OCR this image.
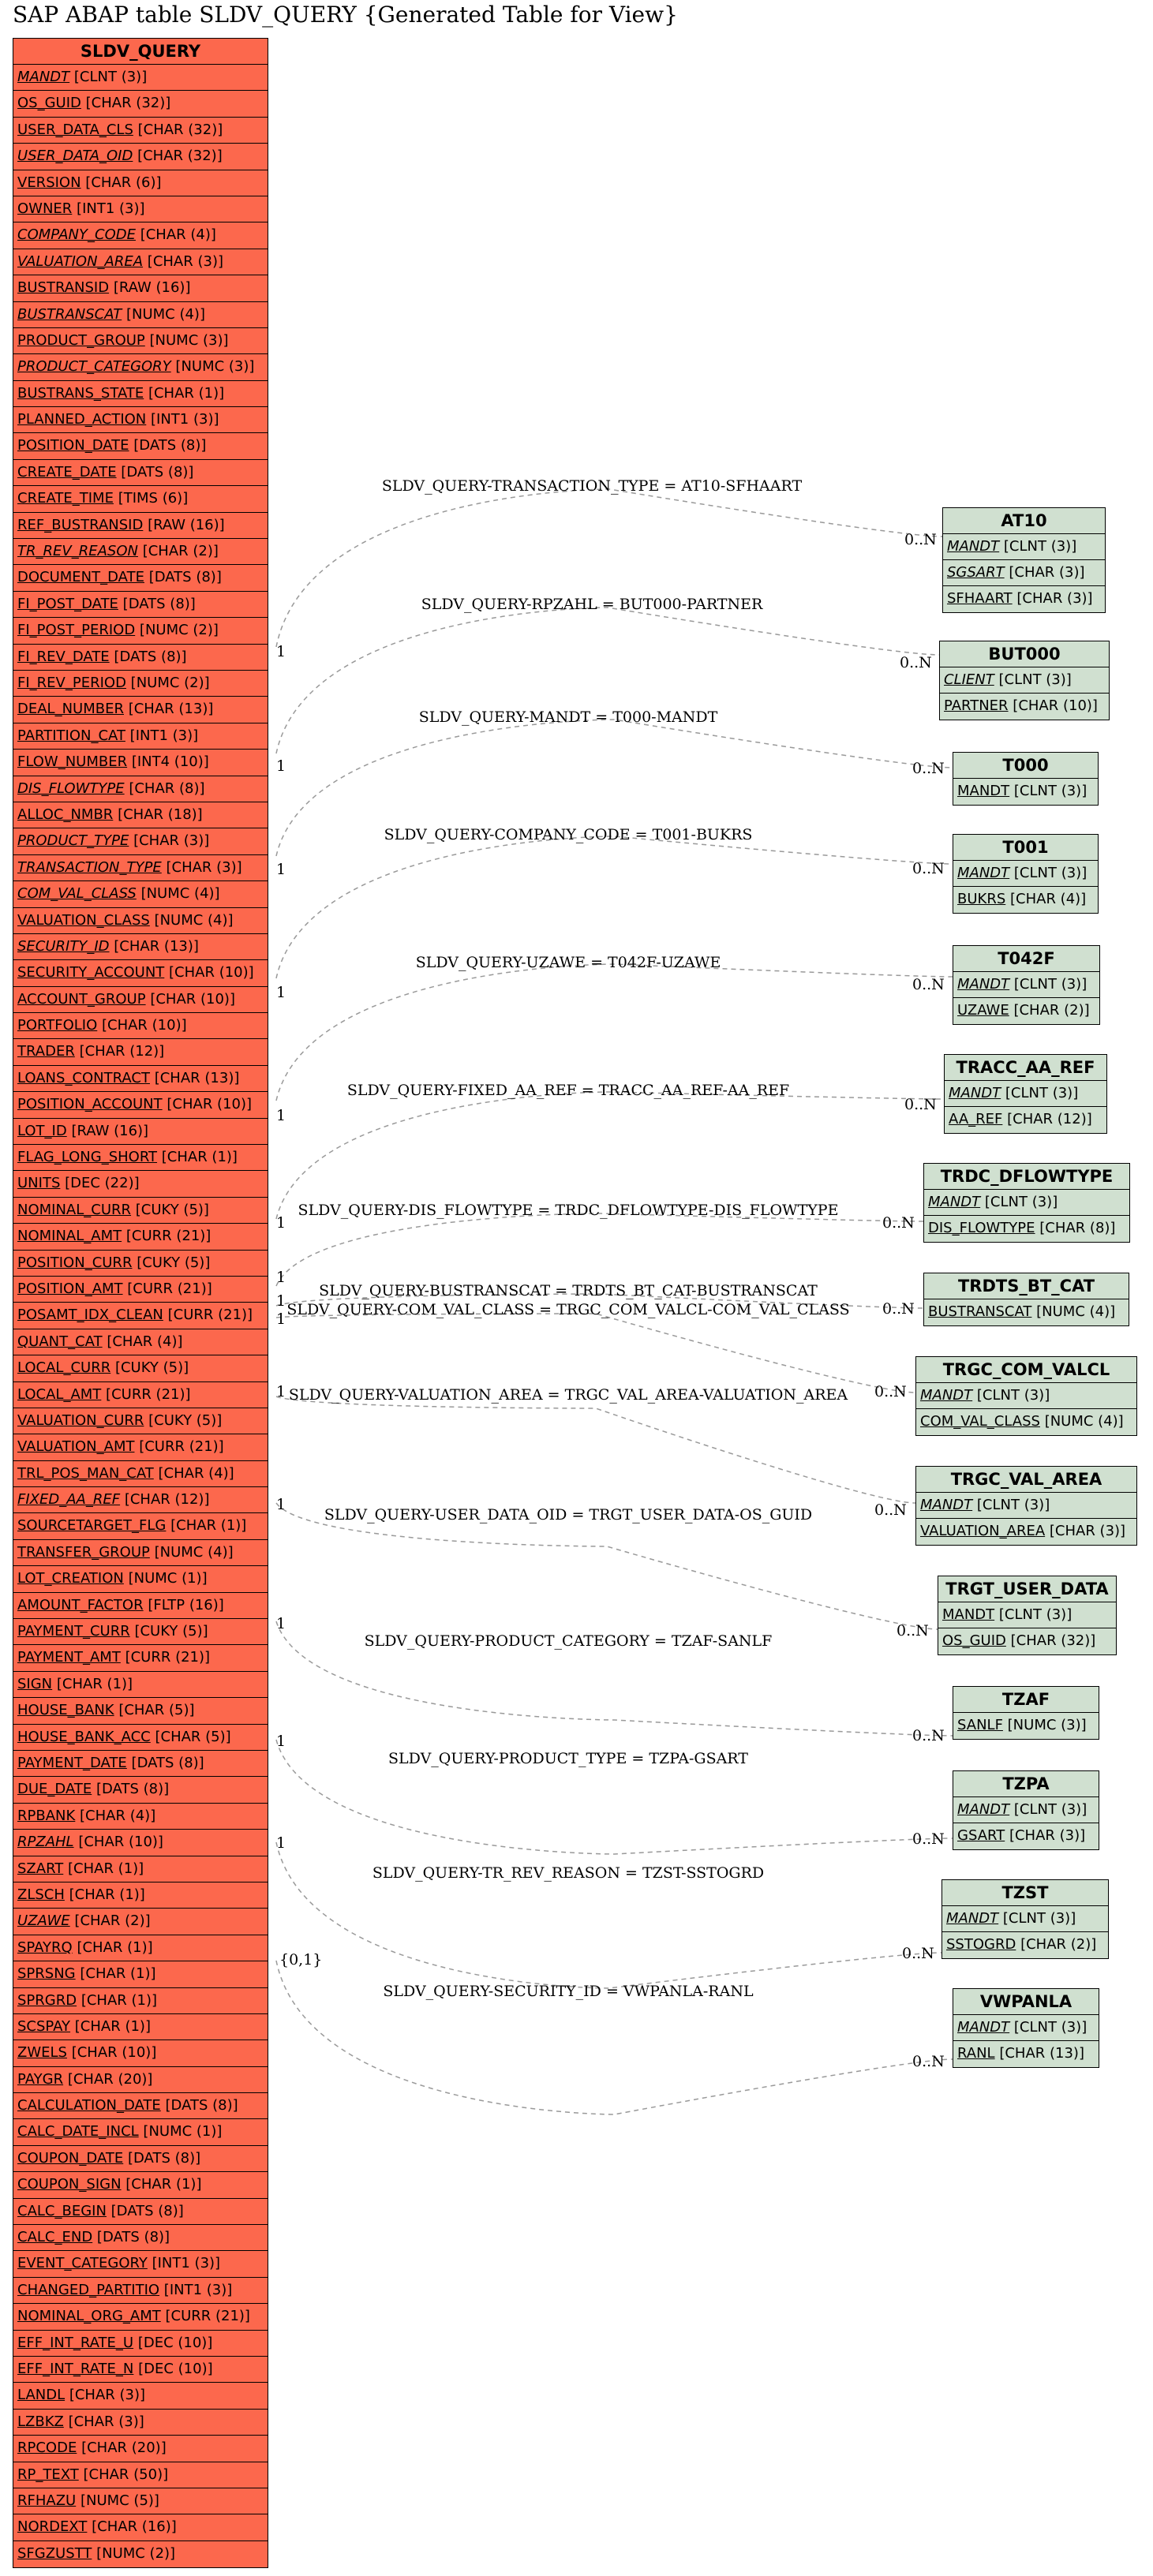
SAP ABAP table SLDV_QUERY {Generated Table for View}
SLDV_QUERY-TRANSACTION_TYPE = AT10-SFHAART
1
0..N
SLDV_QUERY-RPZAHL = BUT000-PARTNER
1
0..N
SLDV_QUERY-MANDT = T000-MANDT
1
0..N
SLDV_QUERY-COMPANY_CODE = T001-BUKRS
1
0..N
SLDV_QUERY-UZAWE = T042F-UZAWE
1
0..N
SLDV_QUERY-FIXED_AA_REF = TRACC_AA_REF-AA_REF
1
0..N
SLDV_QUERY-DIS_FLOWTYPE = TRDC_DFLOWTYPE-DIS_FLOWTYPE
1
0..N
SLDV_QUERY-BUSTRANSCAT = TRDTS_BT_CAT-BUSTRANSCAT
1	0..N
SLDV_QUERY-COM_VAL_CLASS = TRGC_COM_VALCL-COM_VAL_CLASS
1
0..N
SLDV_QUERY-VALUATION_AREA = TRGC_VAL_AREA-VALUATION_AREA
1
0..N
SLDV_QUERY-USER_DATA_OID = TRGT_USER_DATA-OS_GUID
1
0..N
SLDV_QUERY-PRODUCT_CATEGORY = TZAF-SANLF
1
0..N
SLDV_QUERY-PRODUCT_TYPE = TZPA-GSART
1
0..N
SLDV_QUERY-TR_REV_REASON = TZST-SSTOGRD
1
0..N
SLDV_QUERY-SECURITY_ID = VWPANLA-RANL
{0,1}
0..N
SLDV_QUERY
MANDT [CLNT (3)]
OS_GUID [CHAR (32)]
USER_DATA_CLS [CHAR (32)]
USER_DATA_OID [CHAR (32)]
VERSION [CHAR (6)]
OWNER [INT1 (3)]
COMPANY_CODE [CHAR (4)]
VALUATION_AREA [CHAR (3)]
BUSTRANSID [RAW (16)]
BUSTRANSCAT [NUMC (4)]
PRODUCT_GROUP [NUMC (3)]
PRODUCT_CATEGORY [NUMC (3)]
BUSTRANS_STATE [CHAR (1)]
PLANNED_ACTION [INT1 (3)]
POSITION_DATE [DATS (8)]
CREATE_DATE [DATS (8)]
CREATE_TIME [TIMS (6)]
REF_BUSTRANSID [RAW (16)]
TR_REV_REASON [CHAR (2)]
DOCUMENT_DATE [DATS (8)]
FI_POST_DATE [DATS (8)]
FI_POST_PERIOD [NUMC (2)]
FI_REV_DATE [DATS (8)]
FI_REV_PERIOD [NUMC (2)]
DEAL_NUMBER [CHAR (13)]
PARTITION_CAT [INT1 (3)]
FLOW_NUMBER [INT4 (10)]
DIS_FLOWTYPE [CHAR (8)]
ALLOC_NMBR [CHAR (18)]
PRODUCT_TYPE [CHAR (3)]
TRANSACTION_TYPE [CHAR (3)]
COM_VAL_CLASS [NUMC (4)]
VALUATION_CLASS [NUMC (4)]
SECURITY_ID [CHAR (13)]
SECURITY_ACCOUNT [CHAR (10)]
ACCOUNT_GROUP [CHAR (10)]
PORTFOLIO [CHAR (10)]
TRADER [CHAR (12)]
LOANS_CONTRACT [CHAR (13)]
POSITION_ACCOUNT [CHAR (10)]
LOT_ID [RAW (16)]
FLAG_LONG_SHORT [CHAR (1)]
UNITS [DEC (22)]
NOMINAL_CURR [CUKY (5)]
NOMINAL_AMT [CURR (21)]
POSITION_CURR [CUKY (5)]
POSITION_AMT [CURR (21)]
POSAMT_IDX_CLEAN [CURR (21)]
QUANT_CAT [CHAR (4)]
LOCAL_CURR [CUKY (5)]
LOCAL_AMT [CURR (21)]
VALUATION_CURR [CUKY (5)]
VALUATION_AMT [CURR (21)]
TRL_POS_MAN_CAT [CHAR (4)]
FIXED_AA_REF [CHAR (12)]
SOURCETARGET_FLG [CHAR (1)]
TRANSFER_GROUP [NUMC (4)]
LOT_CREATION [NUMC (1)]
AMOUNT_FACTOR [FLTP (16)]
PAYMENT_CURR [CUKY (5)]
PAYMENT_AMT [CURR (21)]
SIGN [CHAR (1)]
HOUSE_BANK [CHAR (5)]
HOUSE_BANK_ACC [CHAR (5)]
PAYMENT_DATE [DATS (8)]
DUE_DATE [DATS (8)]
RPBANK [CHAR (4)]
RPZAHL [CHAR (10)]
SZART [CHAR (1)]
ZLSCH [CHAR (1)]
UZAWE [CHAR (2)]
SPAYRQ [CHAR (1)]
SPRSNG [CHAR (1)]
SPRGRD [CHAR (1)]
SCSPAY [CHAR (1)]
ZWELS [CHAR (10)]
PAYGR [CHAR (20)]
CALCULATION_DATE [DATS (8)]
CALC_DATE_INCL [NUMC (1)]
COUPON_DATE [DATS (8)]
COUPON_SIGN [CHAR (1)]
CALC_BEGIN [DATS (8)]
CALC_END [DATS (8)]
EVENT_CATEGORY [INT1 (3)]
CHANGED_PARTITIO [INT1 (3)]
NOMINAL_ORG_AMT [CURR (21)]
EFF_INT_RATE_U [DEC (10)]
EFF_INT_RATE_N [DEC (10)]
LANDL [CHAR (3)]
LZBKZ [CHAR (3)]
RPCODE [CHAR (20)]
RP_TEXT [CHAR (50)]
RFHAZU [NUMC (5)]
NORDEXT [CHAR (16)]
SFGZUSTT [NUMC (2)]
AT10
MANDT [CLNT (3)]
SGSART [CHAR (3)]
SFHAART [CHAR (3)]
BUT000
CLIENT [CLNT (3)]
PARTNER [CHAR (10)]
T000
MANDT [CLNT (3)]
T001
MANDT [CLNT (3)]
BUKRS [CHAR (4)]
T042F
MANDT [CLNT (3)]
UZAWE [CHAR (2)]
TRACC_AA_REF
MANDT [CLNT (3)]
AA_REF [CHAR (12)]
TRDC_DFLOWTYPE
MANDT [CLNT (3)]
DIS_FLOWTYPE [CHAR (8)]
TRDTS_BT_CAT
BUSTRANSCAT [NUMC (4)]
TRGC_COM_VALCL
MANDT [CLNT (3)]
COM_VAL_CLASS [NUMC (4)]
TRGC_VAL_AREA
MANDT [CLNT (3)]
VALUATION_AREA [CHAR (3)]
TRGT_USER_DATA
MANDT [CLNT (3)]
OS_GUID [CHAR (32)]
TZAF
SANLF [NUMC (3)]
TZPA
MANDT [CLNT (3)]
GSART [CHAR (3)]
TZST
MANDT [CLNT (3)]
SSTOGRD [CHAR (2)]
VWPANLA
MANDT [CLNT (3)]
RANL [CHAR (13)]
